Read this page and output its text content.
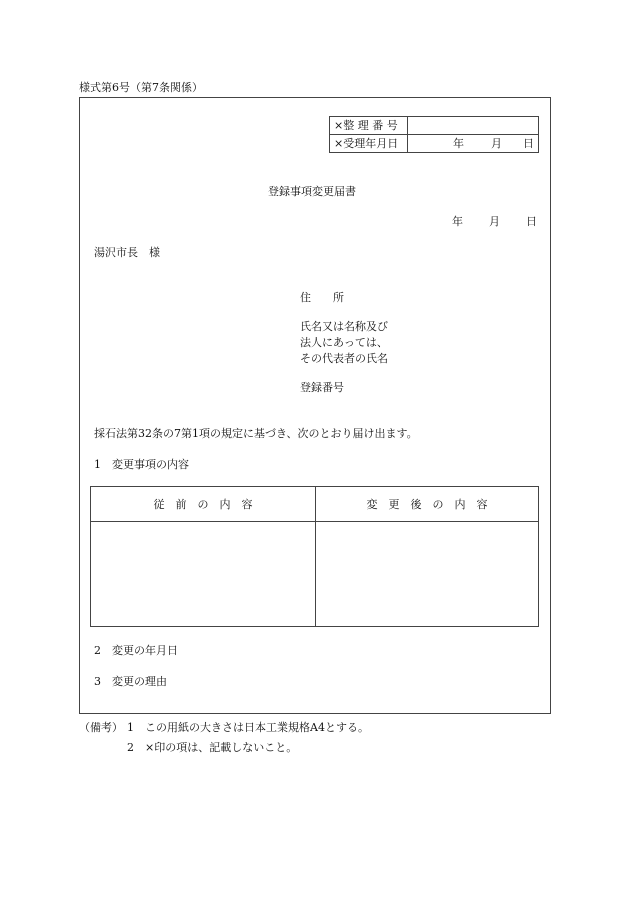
様式第6号（第7条関係）
×整 理 番 号	
×受理年月日	年 月 日
登録事項変更届書
年 月 日
湯沢市長　様
住　　所
氏名又は名称及び
法人にあっては、
その代表者の氏名
登録番号
採石法第32条の7第1項の規定に基づき、次のとおり届け出ます。
1　変更事項の内容
従　前　の　内　容	変　更　後　の　内　容

2　変更の年月日
3　変更の理由
（備考） 1 この用紙の大きさは日本工業規格A4とする。
2 ×印の項は、記載しないこと。
